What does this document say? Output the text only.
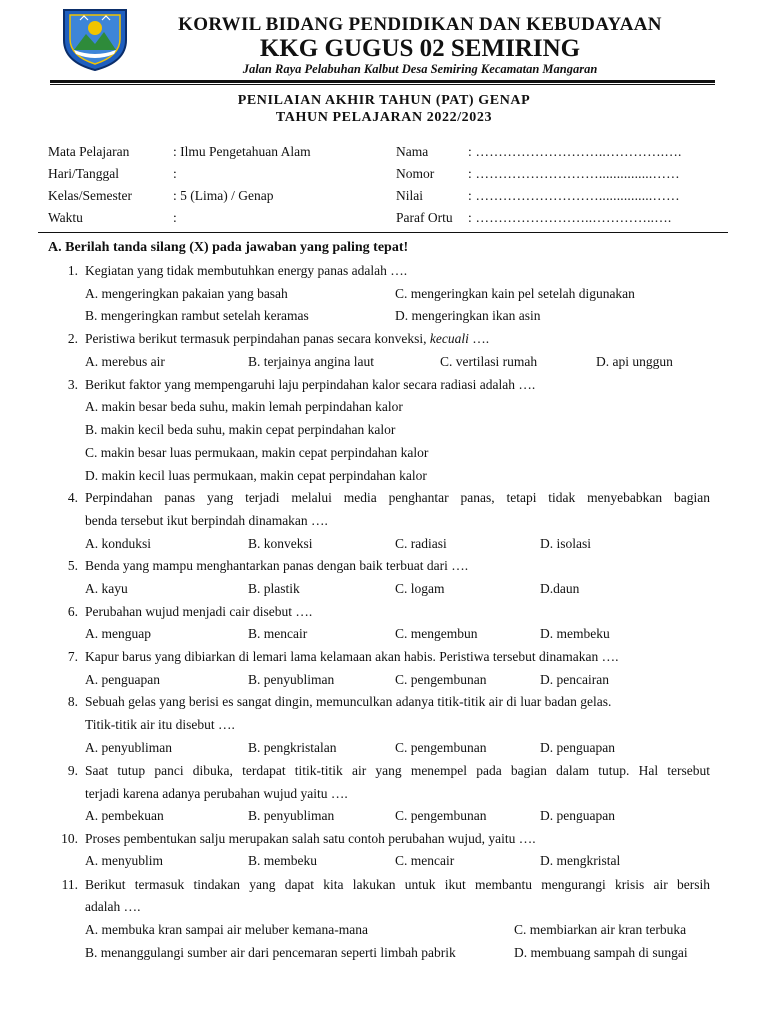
KORWIL BIDANG PENDIDIKAN DAN KEBUDAYAAN
KKG GUGUS 02 SEMIRING
Jalan Raya Pelabuhan Kalbut Desa Semiring Kecamatan Mangaran
PENILAIAN AKHIR TAHUN (PAT) GENAP
TAHUN PELAJARAN 2022/2023
Mata Pelajaran	: Ilmu Pengetahuan Alam
Hari/Tanggal	:
Kelas/Semester	: 5 (Lima) / Genap
Waktu	:
Nama	: ………………………..………….….
Nomor	: ………………………...............……
Nilai	: ………………………...............……
Paraf Ortu : ……………………..…………..….
A. Berilah tanda silang (X) pada jawaban yang paling tepat!
1. Kegiatan yang tidak membutuhkan energy panas adalah ….
A. mengeringkan pakaian yang basah	C. mengeringkan kain pel setelah digunakan
B. mengeringkan rambut setelah keramas	D. mengeringkan ikan asin
2. Peristiwa berikut termasuk perpindahan panas secara konveksi, kecuali ….
A. merebus air	B. terjainya angina laut	C. vertilasi rumah	D. api unggun
3. Berikut faktor yang mempengaruhi laju perpindahan kalor secara radiasi adalah ….
A. makin besar beda suhu, makin lemah perpindahan kalor
B. makin kecil beda suhu, makin cepat perpindahan kalor
C. makin besar luas permukaan, makin cepat perpindahan kalor
D. makin kecil luas permukaan, makin cepat perpindahan kalor
4. Perpindahan panas yang terjadi melalui media penghantar panas, tetapi tidak menyebabkan bagian
benda tersebut ikut berpindah dinamakan ….
A. konduksi	B. konveksi	C. radiasi	D. isolasi
5. Benda yang mampu menghantarkan panas dengan baik terbuat dari ….
A. kayu	B. plastik	C. logam	D.daun
6. Perubahan wujud menjadi cair disebut ….
A. menguap	B. mencair	C. mengembun	D. membeku
7. Kapur barus yang dibiarkan di lemari lama kelamaan akan habis. Peristiwa tersebut dinamakan ….
A. penguapan	B. penyubliman	C. pengembunan	D. pencairan
8. Sebuah gelas yang berisi es sangat dingin, memunculkan adanya titik-titik air di luar badan gelas.
Titik-titik air itu disebut ….
A. penyubliman	B. pengkristalan	C. pengembunan	D. penguapan
9. Saat tutup panci dibuka, terdapat titik-titik air yang menempel pada bagian dalam tutup. Hal tersebut
terjadi karena adanya perubahan wujud yaitu ….
A. pembekuan	B. penyubliman	C. pengembunan	D. penguapan
10. Proses pembentukan salju merupakan salah satu contoh perubahan wujud, yaitu ….
A. menyublim	B. membeku	C. mencair	D. mengkristal
11. Berikut termasuk tindakan yang dapat kita lakukan untuk ikut membantu mengurangi krisis air bersih
adalah ….
A. membuka kran sampai air meluber kemana-mana	C. membiarkan air kran terbuka
B. menanggulangi sumber air dari pencemaran seperti limbah pabrik	D. membuang sampah di sungai
